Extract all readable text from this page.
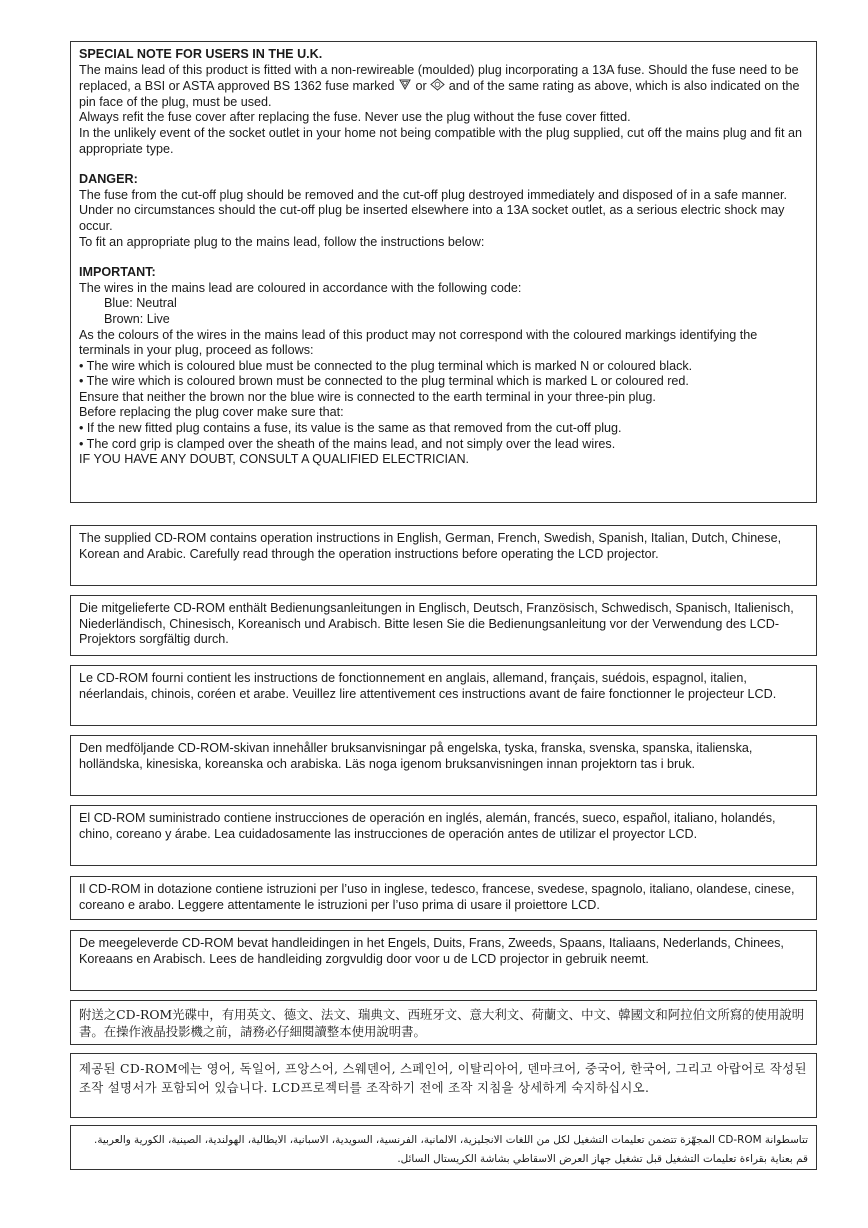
SPECIAL NOTE FOR USERS IN THE U.K.

The mains lead of this product is fitted with a non-rewireable (moulded) plug incorporating a 13A fuse. Should the fuse need to be replaced, a BSI or ASTA approved BS 1362 fuse marked or and of the same rating as above, which is also indicated on the pin face of the plug, must be used.

Always refit the fuse cover after replacing the fuse. Never use the plug without the fuse cover fitted.

In the unlikely event of the socket outlet in your home not being compatible with the plug supplied, cut off the mains plug and fit an appropriate type.

DANGER:

The fuse from the cut-off plug should be removed and the cut-off plug destroyed immediately and disposed of in a safe manner.

Under no circumstances should the cut-off plug be inserted elsewhere into a 13A socket outlet, as a serious electric shock may occur.

To fit an appropriate plug to the mains lead, follow the instructions below:

IMPORTANT:

The wires in the mains lead are coloured in accordance with the following code:

Blue: Neutral

Brown: Live

As the colours of the wires in the mains lead of this product may not correspond with the coloured markings identifying the terminals in your plug, proceed as follows:

• The wire which is coloured blue must be connected to the plug terminal which is marked N or coloured black.

• The wire which is coloured brown must be connected to the plug terminal which is marked L or coloured red.

Ensure that neither the brown nor the blue wire is connected to the earth terminal in your three-pin plug.

Before replacing the plug cover make sure that:

• If the new fitted plug contains a fuse, its value is the same as that removed from the cut-off plug.

• The cord grip is clamped over the sheath of the mains lead, and not simply over the lead wires.

IF YOU HAVE ANY DOUBT, CONSULT A QUALIFIED ELECTRICIAN.

The supplied CD-ROM contains operation instructions in English, German, French, Swedish, Spanish, Italian, Dutch, Chinese, Korean and Arabic. Carefully read through the operation instructions before operating the LCD projector.

Die mitgelieferte CD-ROM enthält Bedienungsanleitungen in Englisch, Deutsch, Französisch, Schwedisch, Spanisch, Italienisch, Niederländisch, Chinesisch, Koreanisch und Arabisch. Bitte lesen Sie die Bedienungsanleitung vor der Verwendung des LCD-Projektors sorgfältig durch.

Le CD-ROM fourni contient les instructions de fonctionnement en anglais, allemand, français, suédois, espagnol, italien, néerlandais, chinois, coréen et arabe. Veuillez lire attentivement ces instructions avant de faire fonctionner le projecteur LCD.

Den medföljande CD-ROM-skivan innehåller bruksanvisningar på engelska, tyska, franska, svenska, spanska, italienska, holländska, kinesiska, koreanska och arabiska. Läs noga igenom bruksanvisningen innan projektorn tas i bruk.

El CD-ROM suministrado contiene instrucciones de operación en inglés, alemán, francés, sueco, español, italiano, holandés, chino, coreano y árabe. Lea cuidadosamente las instrucciones de operación antes de utilizar el proyector LCD.

Il CD-ROM in dotazione contiene istruzioni per l’uso in inglese, tedesco, francese, svedese, spagnolo, italiano, olandese, cinese, coreano e arabo. Leggere attentamente le istruzioni per l’uso prima di usare il proiettore LCD.

De meegeleverde CD-ROM bevat handleidingen in het Engels, Duits, Frans, Zweeds, Spaans, Italiaans, Nederlands, Chinees, Koreaans en Arabisch. Lees de handleiding zorgvuldig door voor u de LCD projector in gebruik neemt.

附送之CD-ROM光碟中，有用英文、德文、法文、瑞典文、西班牙文、意大利文、荷蘭文、中文、韓國文和阿拉伯文所寫的使用說明書。在操作液晶投影機之前，請務必仔細閱讀整本使用說明書。

제공된 CD-ROM에는 영어, 독일어, 프앙스어, 스웨덴어, 스페인어, 이탈리아어, 덴마크어, 중국어, 한국어, 그리고 아랍어로 작성된 조작 설명서가 포함되어 있습니다. LCD프로젝터를 조작하기 전에 조작 지침을 상세하게 숙지하십시오.

تتاسطوانة CD-ROM المجهّزة تتضمن تعليمات التشغيل لكل من اللغات الانجليزية، الالمانية، الفرنسية، السويدية، الاسبانية، الايطالية، الهولندية، الصينية، الكورية والعربية. قم بعناية بقراءة تعليمات التشغيل قبل تشغيل جهاز العرض الاسقاطي بشاشة الكريستال السائل.
